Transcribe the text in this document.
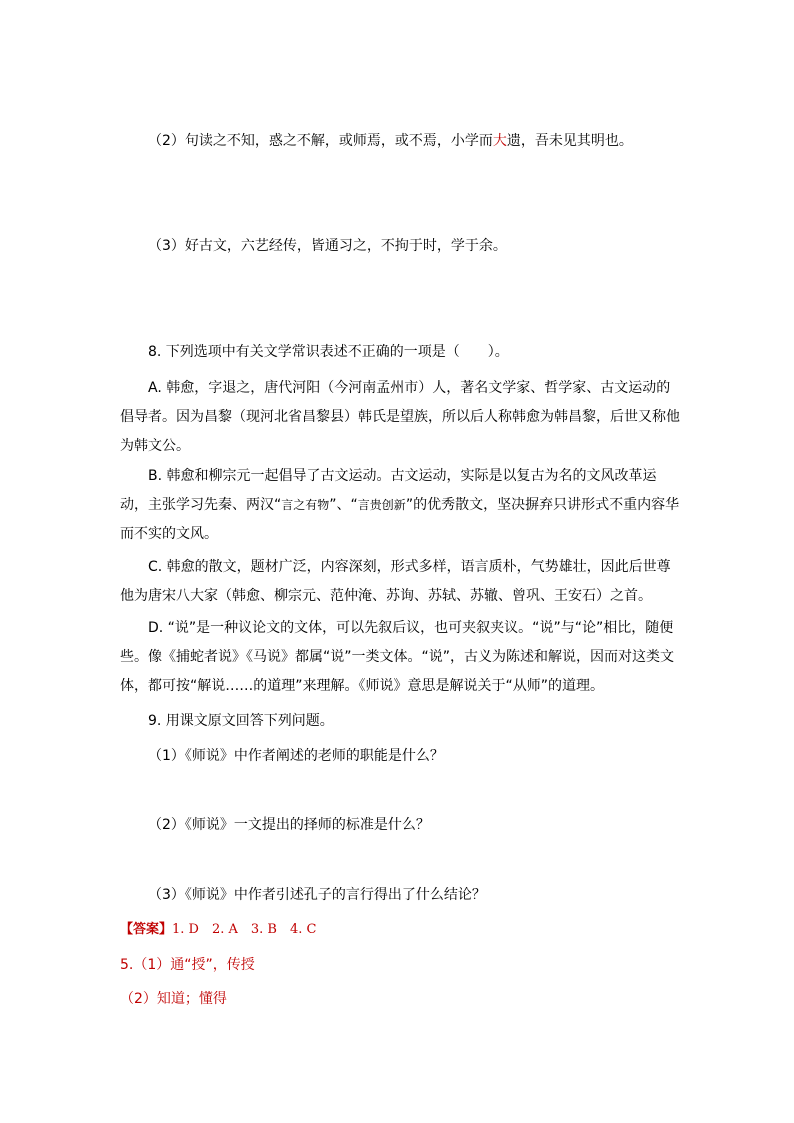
（2）句读之不知，惑之不解，或师焉，或不焉，小学而大遗，吾未见其明也。
（3）好古文，六艺经传，皆通习之，不拘于时，学于余。
8. 下列选项中有关文学常识表述不正确的一项是（　　）。
A. 韩愈，字退之，唐代河阳（今河南孟州市）人，著名文学家、哲学家、古文运动的倡导者。因为昌黎（现河北省昌黎县）韩氏是望族，所以后人称韩愈为韩昌黎，后世又称他为韩文公。
B. 韩愈和柳宗元一起倡导了古文运动。古文运动，实际是以复古为名的文风改革运动，主张学习先秦、两汉“言之有物”、“言贵创新”的优秀散文，坚决摒弃只讲形式不重内容华而不实的文风。
C. 韩愈的散文，题材广泛，内容深刻，形式多样，语言质朴，气势雄壮，因此后世尊他为唐宋八大家（韩愈、柳宗元、范仲淹、苏询、苏轼、苏辙、曾巩、王安石）之首。
D. “说”是一种议论文的文体，可以先叙后议，也可夹叙夹议。“说”与“论”相比，随便些。像《捕蛇者说》《马说》都属“说”一类文体。“说”，古义为陈述和解说，因而对这类文体，都可按“解说……的道理”来理解。《师说》意思是解说关于“从师”的道理。
9. 用课文原文回答下列问题。
（1）《师说》中作者阐述的老师的职能是什么？
（2）《师说》一文提出的择师的标准是什么？
（3）《师说》中作者引述孔子的言行得出了什么结论？
【答案】1. D　2. A　3. B　4. C
5.（1）通“授”，传授
（2）知道；懂得
